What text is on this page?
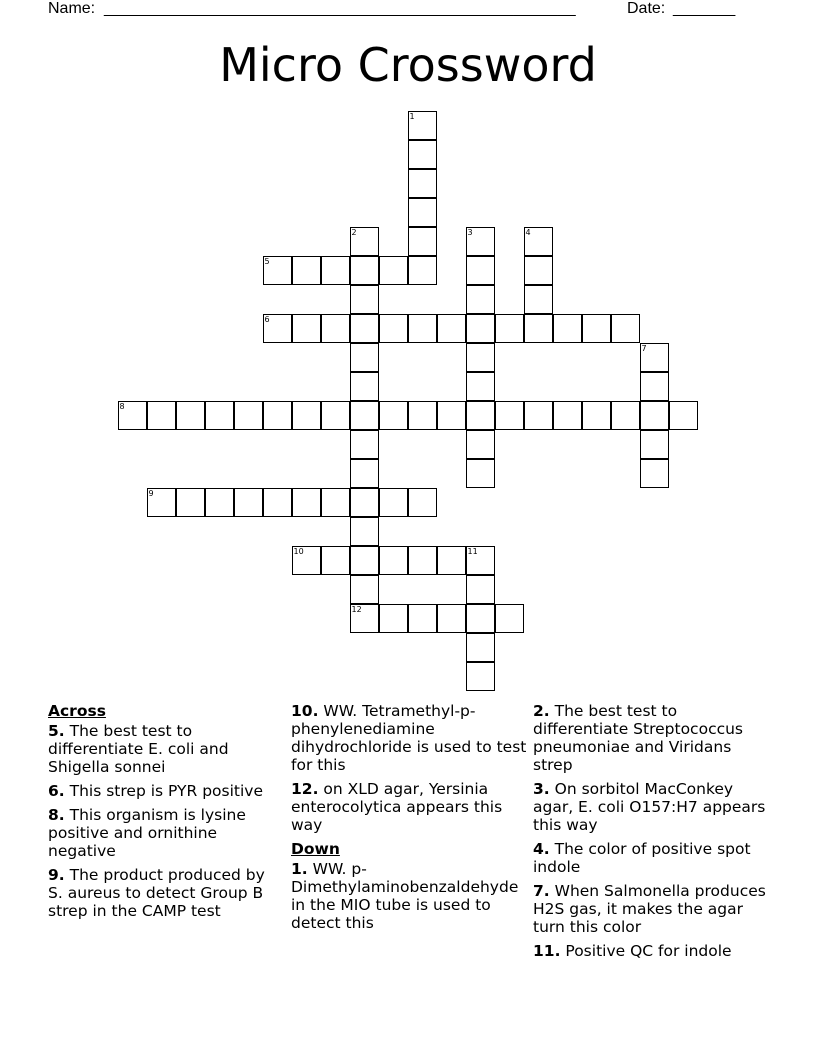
Name: _____________________________________________________	Date: _______
Micro Crossword
1
2	3	4
5
6
7
8
9
10	11
12
Across
5. The best test to differentiate E. coli and Shigella sonnei
6. This strep is PYR positive
8. This organism is lysine positive and ornithine negative
9. The product produced by S. aureus to detect Group B strep in the CAMP test
10. WW. Tetramethyl-p-phenylenediamine dihydrochloride is used to test for this
12. on XLD agar, Yersinia enterocolytica appears this way
Down
1. WW. p-Dimethylaminobenzaldehyde in the MIO tube is used to detect this
2. The best test to differentiate Streptococcus pneumoniae and Viridans strep
3. On sorbitol MacConkey agar, E. coli O157:H7 appears this way
4. The color of positive spot indole
7. When Salmonella produces H2S gas, it makes the agar turn this color
11. Positive QC for indole
